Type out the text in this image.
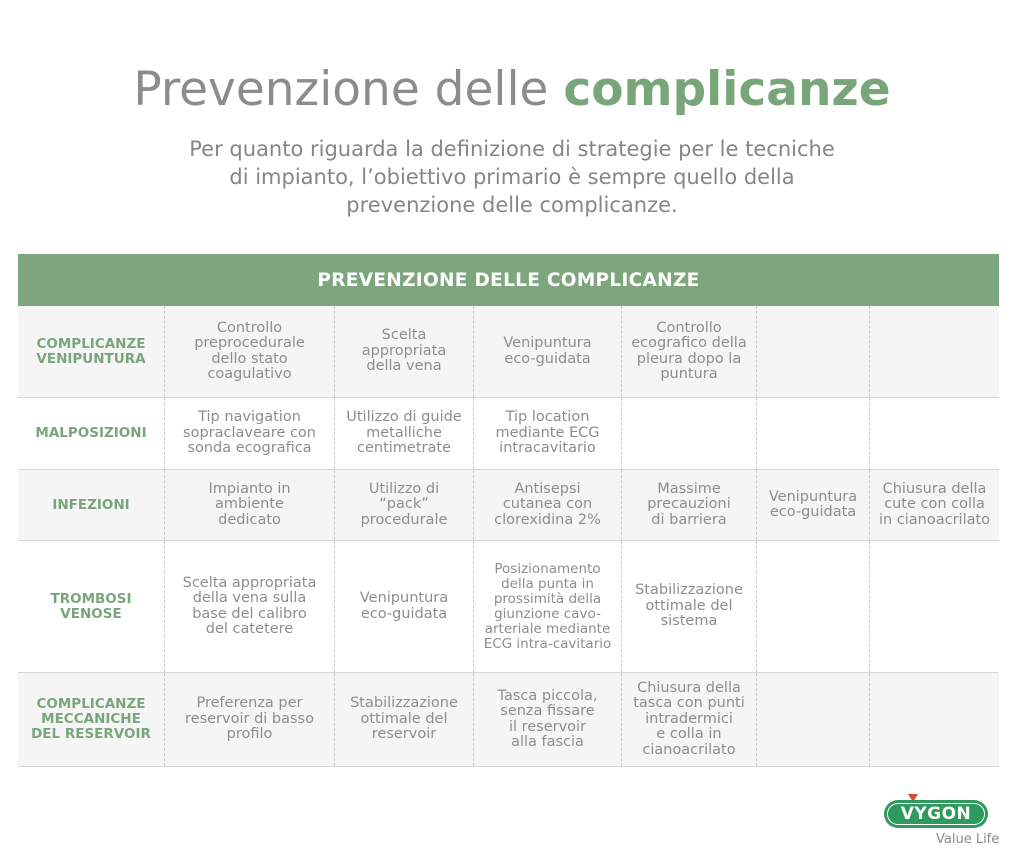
Prevenzione delle complicanze
Per quanto riguarda la definizione di strategie per le tecniche
di impianto, l’obiettivo primario è sempre quello della
prevenzione delle complicanze.
PREVENZIONE DELLE COMPLICANZE
COMPLICANZE
VENIPUNTURA
Controllo
preprocedurale
dello stato
coagulativo
Scelta
appropriata
della vena
Venipuntura
eco-guidata
Controllo
ecografico della
pleura dopo la
puntura
MALPOSIZIONI
Tip navigation
sopraclaveare con
sonda ecografica
Utilizzo di guide
metalliche
centimetrate
Tip location
mediante ECG
intracavitario
INFEZIONI
Impianto in
ambiente
dedicato
Utilizzo di
“pack”
procedurale
Antisepsi
cutanea con
clorexidina 2%
Massime
precauzioni
di barriera
Venipuntura
eco-guidata
Chiusura della
cute con colla
in cianoacrilato
TROMBOSI
VENOSE
Scelta appropriata
della vena sulla
base del calibro
del catetere
Venipuntura
eco-guidata
Posizionamento
della punta in
prossimità della
giunzione cavo-
arteriale mediante
ECG intra-cavitario
Stabilizzazione
ottimale del
sistema
COMPLICANZE
MECCANICHE
DEL RESERVOIR
Preferenza per
reservoir di basso
profilo
Stabilizzazione
ottimale del
reservoir
Tasca piccola,
senza fissare
il reservoir
alla fascia
Chiusura della
tasca con punti
intradermici
e colla in
cianoacrilato
VYGON
Value Life
